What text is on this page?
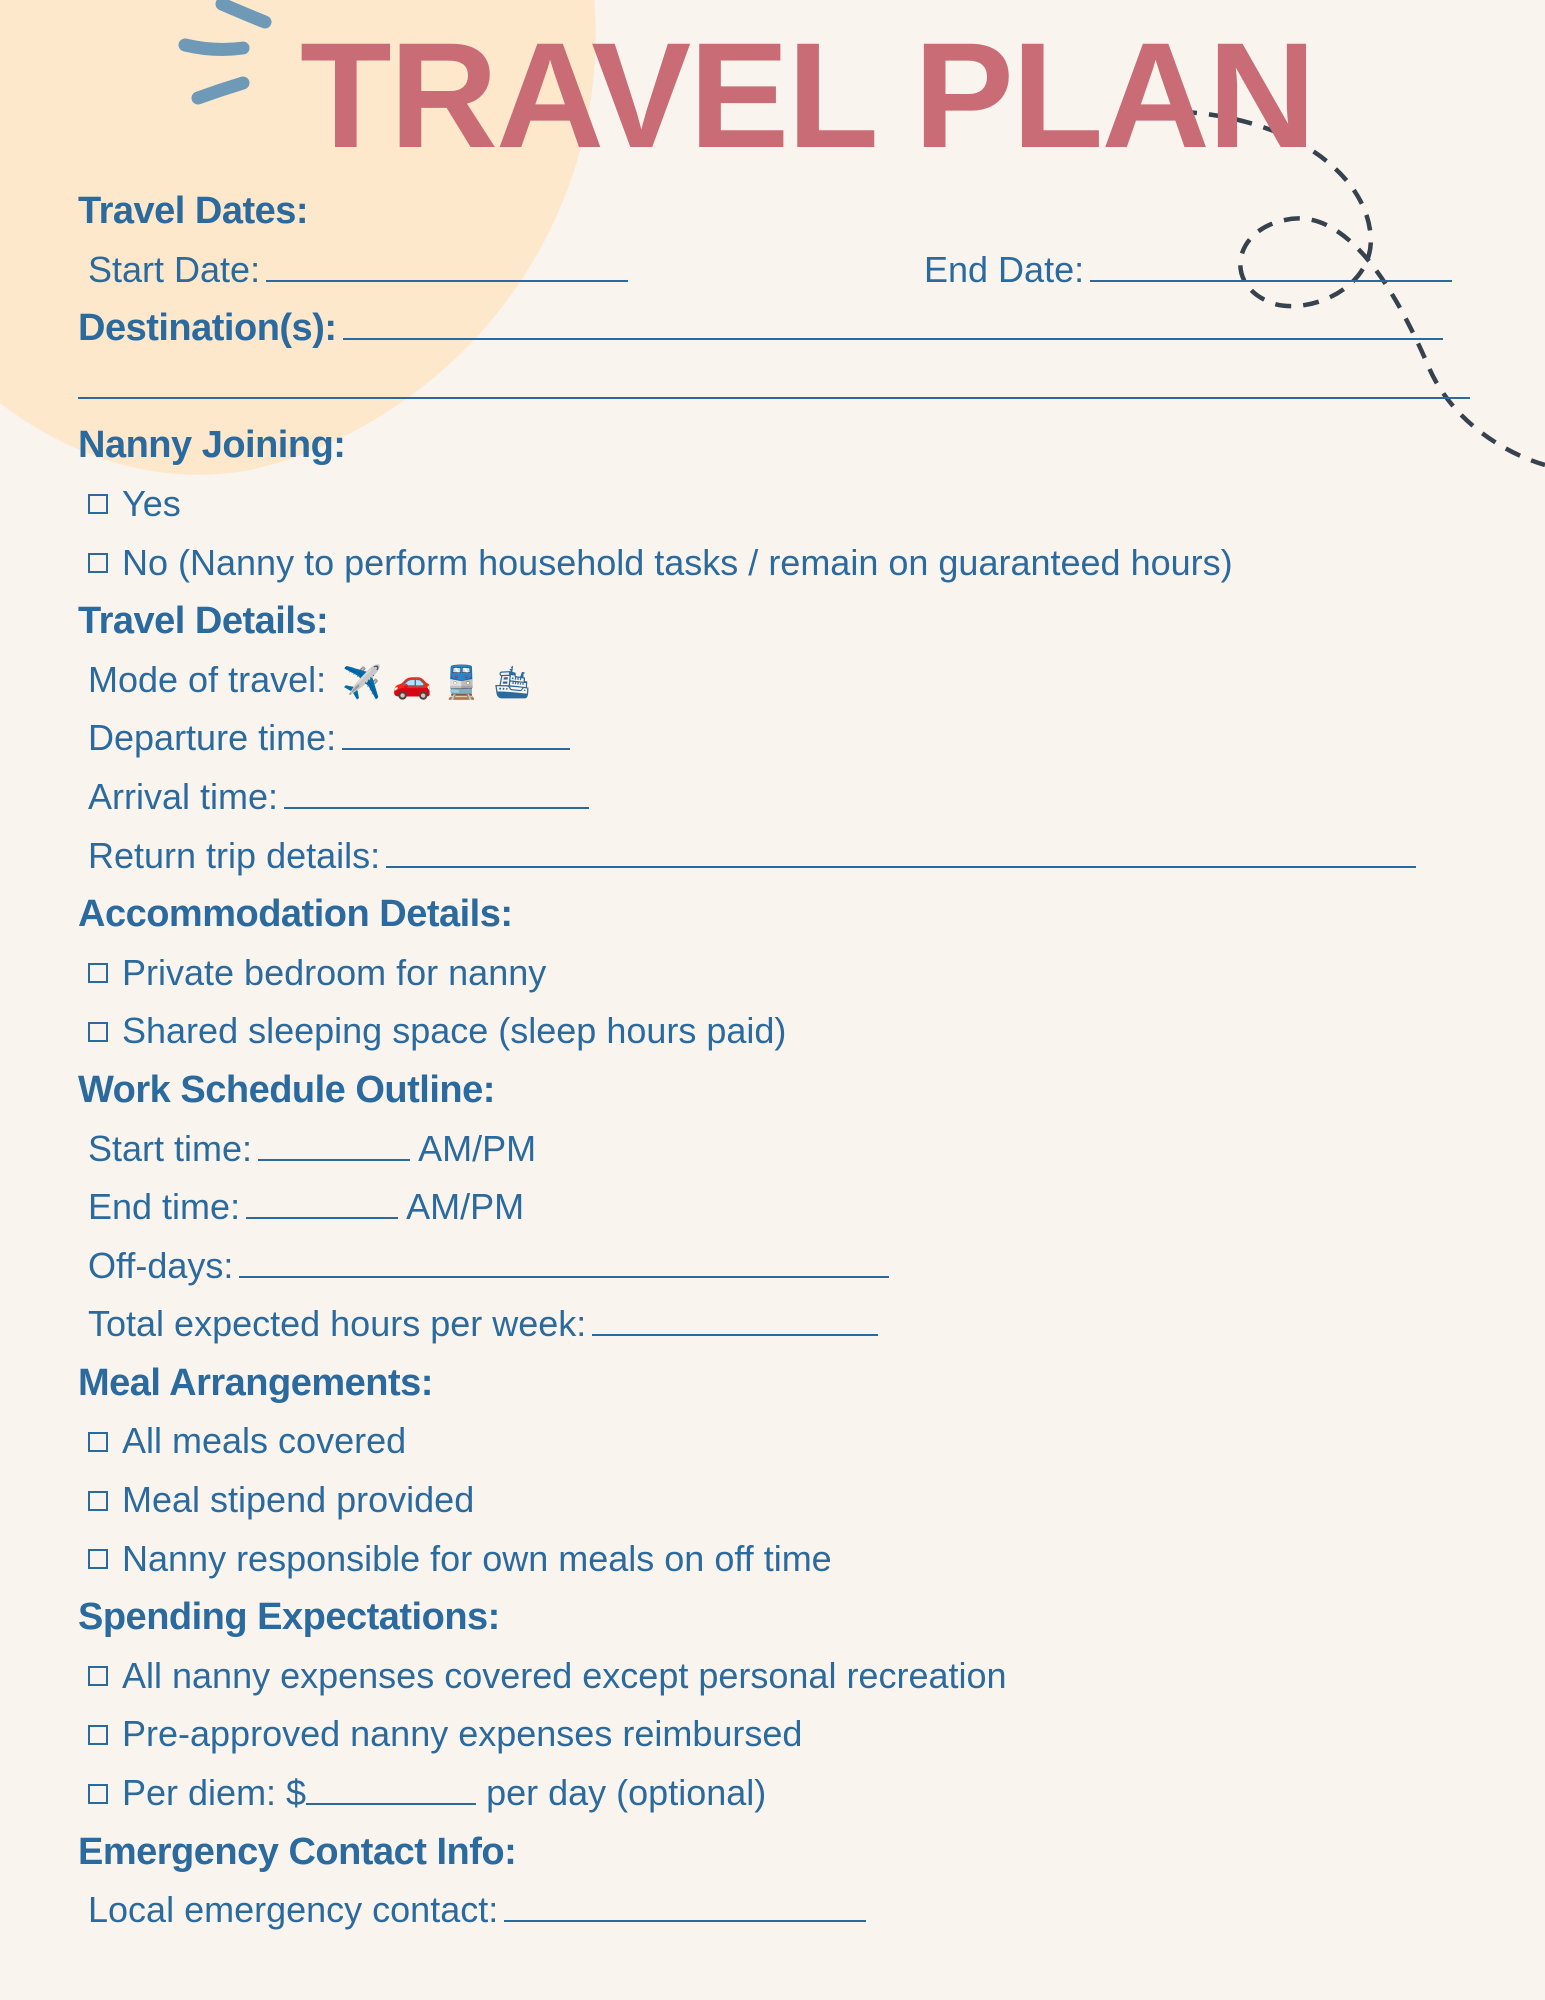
TRAVEL PLAN
Travel Dates:
Start Date:	End Date:
Destination(s):
Nanny Joining:
Yes
No (Nanny to perform household tasks / remain on guaranteed hours)
Travel Details:
Mode of travel: ✈️ 🚗 🚆 🛳
Departure time:
Arrival time:
Return trip details:
Accommodation Details:
Private bedroom for nanny
Shared sleeping space (sleep hours paid)
Work Schedule Outline:
Start time:	AM/PM
End time:	AM/PM
Off-days:
Total expected hours per week:
Meal Arrangements:
All meals covered
Meal stipend provided
Nanny responsible for own meals on off time
Spending Expectations:
All nanny expenses covered except personal recreation
Pre-approved nanny expenses reimbursed
Per diem: $	per day (optional)
Emergency Contact Info:
Local emergency contact:
